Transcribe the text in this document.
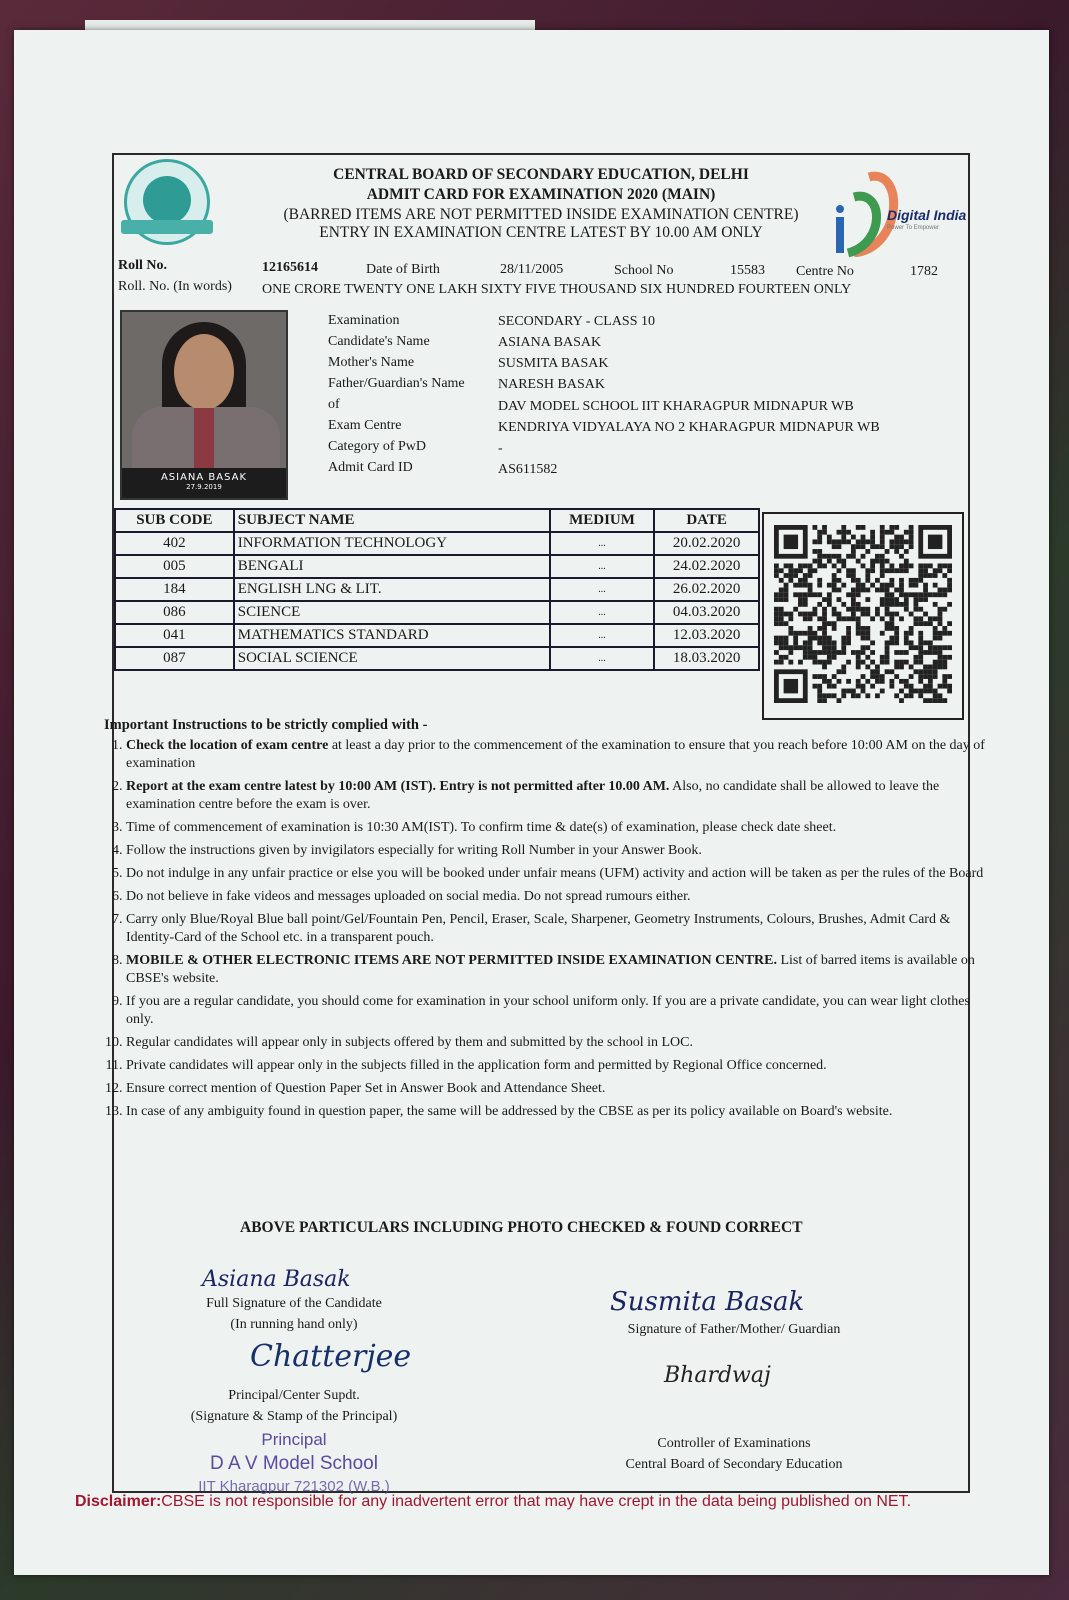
CENTRAL BOARD OF SECONDARY EDUCATION, DELHI
ADMIT CARD FOR EXAMINATION 2020 (MAIN)
(BARRED ITEMS ARE NOT PERMITTED INSIDE EXAMINATION CENTRE)
ENTRY IN EXAMINATION CENTRE LATEST BY 10.00 AM ONLY
Digital India
Power To Empower
Roll No.	12165614	Date of Birth	28/11/2005	School No	15583 Centre No	1782
Roll. No. (In words) ONE CRORE TWENTY ONE LAKH SIXTY FIVE THOUSAND SIX HUNDRED FOURTEEN ONLY
ASIANA BASAK
27.9.2019
SUB CODE	SUBJECT NAME	MEDIUM	DATE
402	INFORMATION TECHNOLOGY	...	20.02.2020
005	BENGALI	...	24.02.2020
184	ENGLISH LNG & LIT.	...	26.02.2020
086	SCIENCE	...	04.03.2020
041	MATHEMATICS STANDARD	...	12.03.2020
087	SOCIAL SCIENCE	...	18.03.2020
Important Instructions to be strictly complied with -
1. Check the location of exam centre at least a day prior to the commencement of the examination to ensure that you reach before 10:00 AM on the day of examination
2. Report at the exam centre latest by 10:00 AM (IST). Entry is not permitted after 10.00 AM. Also, no candidate shall be allowed to leave the examination centre before the exam is over.
3. Time of commencement of examination is 10:30 AM(IST). To confirm time & date(s) of examination, please check date sheet.
4. Follow the instructions given by invigilators especially for writing Roll Number in your Answer Book.
5. Do not indulge in any unfair practice or else you will be booked under unfair means (UFM) activity and action will be taken as per the rules of the Board
6. Do not believe in fake videos and messages uploaded on social media. Do not spread rumours either.
7. Carry only Blue/Royal Blue ball point/Gel/Fountain Pen, Pencil, Eraser, Scale, Sharpener, Geometry Instruments, Colours, Brushes, Admit Card & Identity-Card of the School etc. in a transparent pouch.
8. MOBILE & OTHER ELECTRONIC ITEMS ARE NOT PERMITTED INSIDE EXAMINATION CENTRE. List of barred items is available on CBSE's website.
9. If you are a regular candidate, you should come for examination in your school uniform only. If you are a private candidate, you can wear light clothes only.
10. Regular candidates will appear only in subjects offered by them and submitted by the school in LOC.
11. Private candidates will appear only in the subjects filled in the application form and permitted by Regional Office concerned.
12. Ensure correct mention of Question Paper Set in Answer Book and Attendance Sheet.
13. In case of any ambiguity found in question paper, the same will be addressed by the CBSE as per its policy available on Board's website.
ABOVE PARTICULARS INCLUDING PHOTO CHECKED & FOUND CORRECT
Asiana Basak
Full Signature of the Candidate
(In running hand only)
Chatterjee
Principal/Center Supdt.
(Signature & Stamp of the Principal)
Principal
D A V Model School
Susmita Basak
Signature of Father/Mother/ Guardian
Bhardwaj
Controller of Examinations
Central Board of Secondary Education
Examination	SECONDARY - CLASS 10
Candidate's Name	ASIANA BASAK
Mother's Name	SUSMITA BASAK
Father/Guardian's Name NARESH BASAK
of	DAV MODEL SCHOOL IIT KHARAGPUR MIDNAPUR WB
Exam Centre	KENDRIYA VIDYALAYA NO 2 KHARAGPUR MIDNAPUR WB
Category of PwD	-
Admit Card ID	AS611582
IIT Kharagpur 721302 (W.B.)
Disclaimer:CBSE is not responsible for any inadvertent error that may have crept in the data being published on NET.
